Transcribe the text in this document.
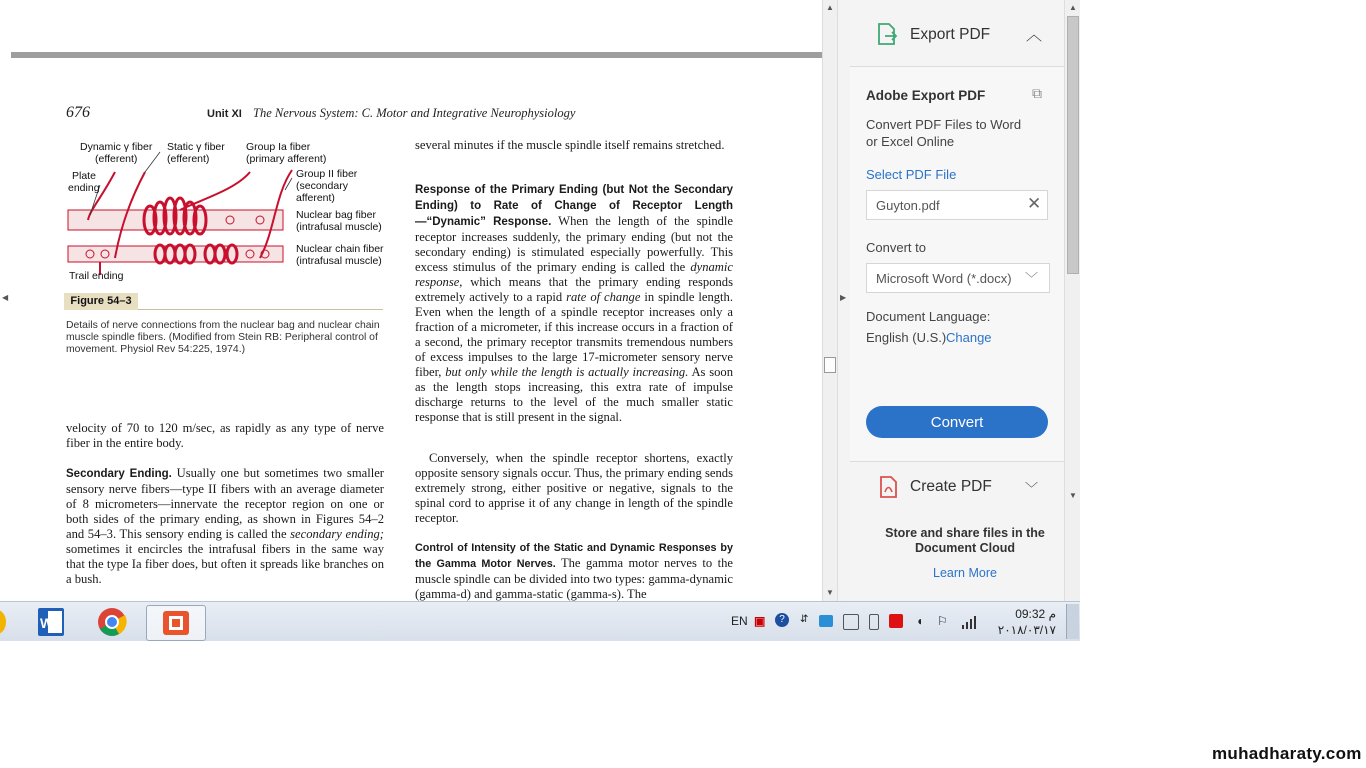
676	Unit XI The Nervous System: C. Motor and Integrative Neurophysiology
Dynamic γ fiber
(efferent)
Static γ fiber
(efferent)
Group Ia fiber
(primary afferent)
Plate
ending
Group II fiber
(secondary
afferent)
Nuclear bag fiber
(intrafusal muscle)
Nuclear chain fiber
(intrafusal muscle)
Trail ending
Figure 54–3

Details of nerve connections from the nuclear bag and nuclear chain muscle spindle fibers. (Modified from Stein RB: Peripheral control of movement. Physiol Rev 54:225, 1974.)

velocity of 70 to 120 m/sec, as rapidly as any type of nerve fiber in the entire body.

Secondary Ending. Usually one but sometimes two smaller sensory nerve fibers—type II fibers with an average diameter of 8 micrometers—innervate the receptor region on one or both sides of the primary ending, as shown in Figures 54–2 and 54–3. This sensory ending is called the secondary ending; sometimes it encircles the intrafusal fibers in the same way that the type Ia fiber does, but often it spreads like branches on a bush.

several minutes if the muscle spindle itself remains stretched.

Response of the Primary Ending (but Not the Secondary Ending) to Rate of Change of Receptor Length—“Dynamic” Response. When the length of the spindle receptor increases suddenly, the primary ending (but not the secondary ending) is stimulated especially powerfully. This excess stimulus of the primary ending is called the dynamic response, which means that the primary ending responds extremely actively to a rapid rate of change in spindle length. Even when the length of a spindle receptor increases only a fraction of a micrometer, if this increase occurs in a fraction of a second, the primary receptor transmits tremendous numbers of excess impulses to the large 17-micrometer sensory nerve fiber, but only while the length is actually increasing. As soon as the length stops increasing, this extra rate of impulse discharge returns to the level of the much smaller static response that is still present in the signal.

Conversely, when the spindle receptor shortens, exactly opposite sensory signals occur. Thus, the primary ending sends extremely strong, either positive or negative, signals to the spinal cord to apprise it of any change in length of the spindle receptor.

Control of Intensity of the Static and Dynamic Responses by the Gamma Motor Nerves. The gamma motor nerves to the muscle spindle can be divided into two types: gamma-dynamic (gamma-d) and gamma-static (gamma-s). The

◀
▲
▼
▶
Export PDF ︿
Adobe Export PDF	⧉
Convert PDF Files to Word
or Excel Online
Select PDF File
Guyton.pdf	✕
Convert to
Microsoft Word (*.docx) ﹀
Document Language:
English (U.S.) Change
Convert
Create PDF	﹀
Store and share files in the
Document Cloud
Learn More
▲
▼
W	EN ▣	?	⇵	◖ ⚐	09:32 م
٢٠١٨/٠٣/١٧
muhadharaty.com
